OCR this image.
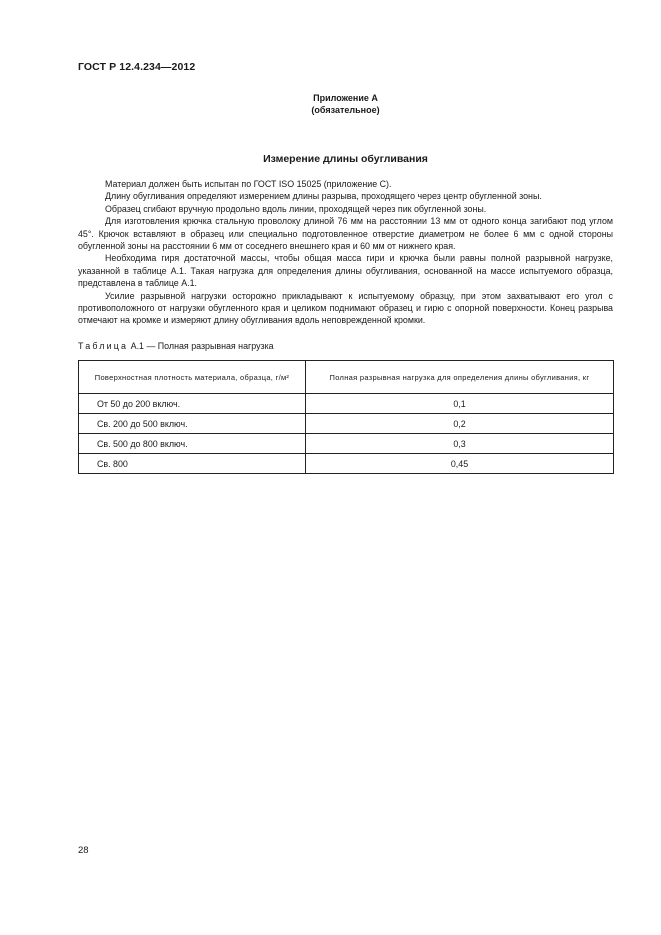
ГОСТ Р 12.4.234—2012
Приложение А
(обязательное)
Измерение длины обугливания

Материал должен быть испытан по ГОСТ ISO 15025 (приложение С).

Длину обугливания определяют измерением длины разрыва, проходящего через центр обугленной зоны.

Образец сгибают вручную продольно вдоль линии, проходящей через пик обугленной зоны.

Для изготовления крючка стальную проволоку длиной 76 мм на расстоянии 13 мм от одного конца загибают под углом 45°. Крючок вставляют в образец или специально подготовленное отверстие диаметром не более 6 мм с одной стороны обугленной зоны на расстоянии 6 мм от соседнего внешнего края и 60 мм от нижнего края.

Необходима гиря достаточной массы, чтобы общая масса гири и крючка были равны полной разрывной нагрузке, указанной в таблице А.1. Такая нагрузка для определения длины обугливания, основанной на массе испытуемого образца, представлена в таблице А.1.

Усилие разрывной нагрузки осторожно прикладывают к испытуемому образцу, при этом захватывают его угол с противоположного от нагрузки обугленного края и целиком поднимают образец и гирю с опорной поверхности. Конец разрыва отмечают на кромке и измеряют длину обугливания вдоль неповрежденной кромки.

Таблица А.1 — Полная разрывная нагрузка
Поверхностная плотность материала, образца, г/м²	Полная разрывная нагрузка для определения длины обугливания, кг
От 50 до 200 включ.	0,1
Св. 200 до 500 включ.	0,2
Св. 500 до 800 включ.	0,3
Св. 800	0,45
28
